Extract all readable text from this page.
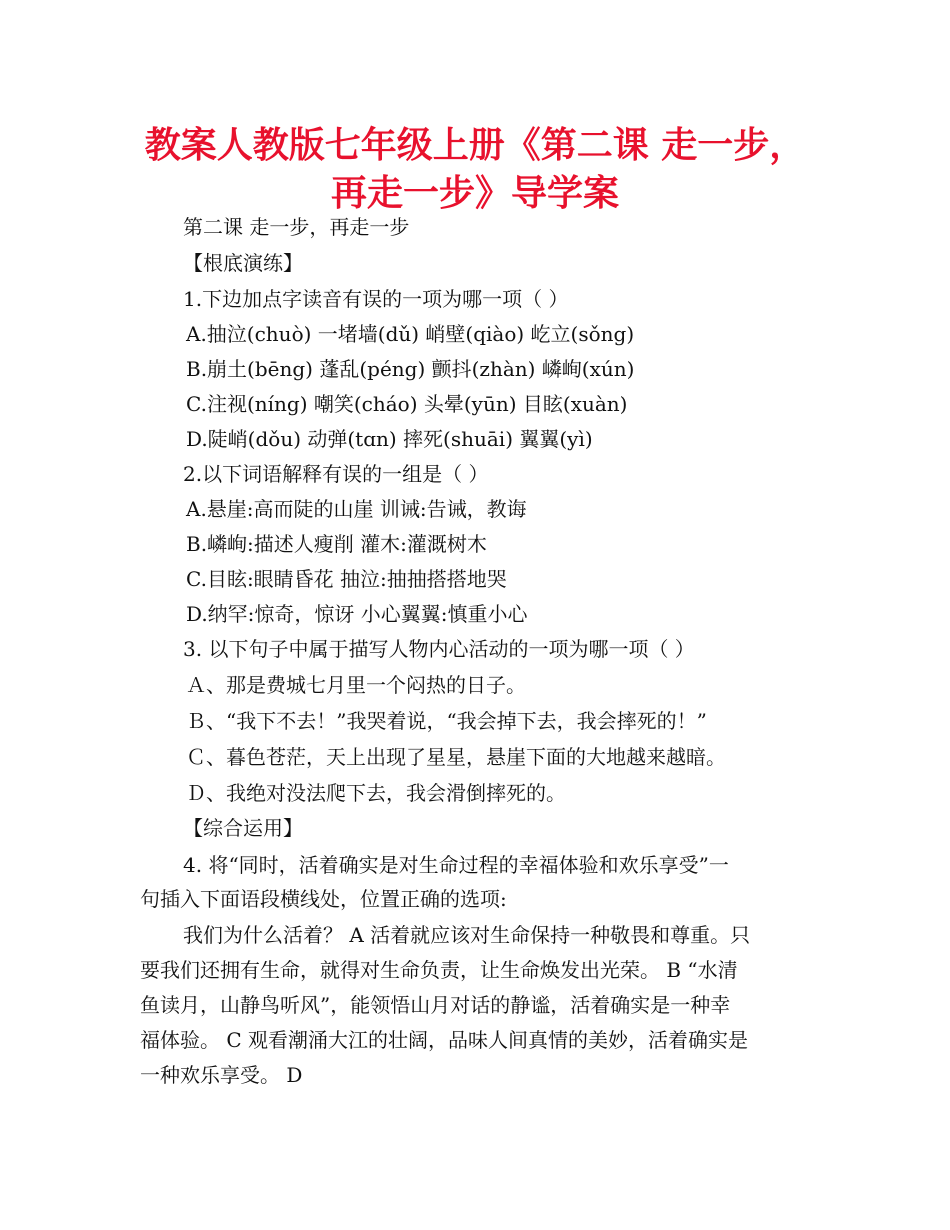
教案人教版七年级上册《第二课 走一步，
再走一步》导学案
第二课 走一步，再走一步
【根底演练】
1.下边加点字读音有误的一项为哪一项（ ）
A.抽泣(chuò) 一堵墙(dǔ) 峭壁(qiào) 屹立(sǒng)
B.崩土(bēng) 蓬乱(péng) 颤抖(zhàn) 嶙峋(xún)
C.注视(níng) 嘲笑(cháo) 头晕(yūn) 目眩(xuàn)
D.陡峭(dǒu) 动弹(tɑn) 摔死(shuāi) 翼翼(yì)
2.以下词语解释有误的一组是（ ）
A.悬崖:高而陡的山崖 训诫:告诫，教诲
B.嶙峋:描述人瘦削 灌木:灌溉树木
C.目眩:眼睛昏花 抽泣:抽抽搭搭地哭
D.纳罕:惊奇，惊讶 小心翼翼:慎重小心
3. 以下句子中属于描写人物内心活动的一项为哪一项（ ）
Ａ、那是费城七月里一个闷热的日子。
Ｂ、“我下不去！”我哭着说，“我会掉下去，我会摔死的！”
Ｃ、暮色苍茫，天上出现了星星，悬崖下面的大地越来越暗。
Ｄ、我绝对没法爬下去，我会滑倒摔死的。
【综合运用】
4. 将“同时，活着确实是对生命过程的幸福体验和欢乐享受”一
句插入下面语段横线处，位置正确的选项:
我们为什么活着？ A 活着就应该对生命保持一种敬畏和尊重。只
要我们还拥有生命，就得对生命负责，让生命焕发出光荣。 B “水清
鱼读月，山静鸟听风”，能领悟山月对话的静谧，活着确实是一种幸
福体验。 C 观看潮涌大江的壮阔，品味人间真情的美妙，活着确实是
一种欢乐享受。 D
